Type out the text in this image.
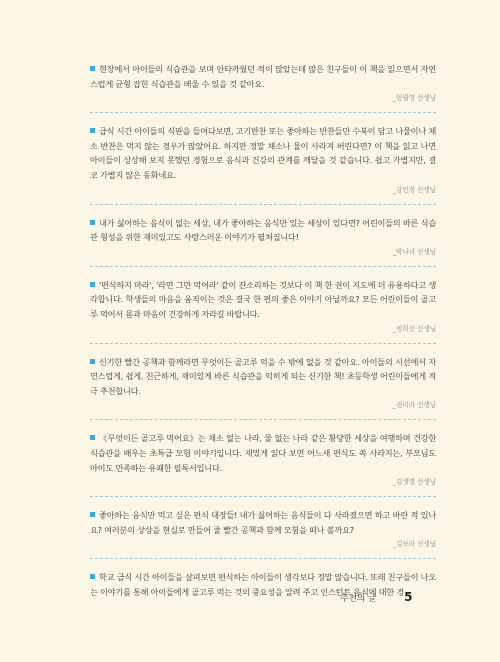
현장에서 아이들의 식습관을 보며 안타까웠던 적이 많았는데 많은 친구들이 이 책을 읽으면서 자연스럽게 균형 잡힌 식습관을 배울 수 있을 것 같아요.

_엄월영 선생님

급식 시간 아이들의 식판을 들여다보면, 고기반찬 또는 좋아하는 반찬들만 수북이 담고 나물이나 채소 반찬은 먹지 않는 경우가 많았어요. 하지만 정말 채소나 물이 사라져 버린다면? 이 책을 읽고 나면 아이들이 상상해 보지 못했던 경험으로 음식과 건강의 관계를 깨달을 것 같습니다. 쉽고 가볍지만, 결코 가볍지 않은 동화네요.

_강민정 선생님

내가 싫어하는 음식이 없는 세상, 내가 좋아하는 음식만 있는 세상이 있다면? 어린이들의 바른 식습관 형성을 위한 재미있고도 사랑스러운 이야기가 펼쳐집니다!

_박나리 선생님

'편식하지 마라', '라면 그만 먹어라' 같이 잔소리하는 것보다 이 책 한 권이 지도에 더 유용하다고 생각합니다. 학생들의 마음을 움직이는 것은 결국 한 편의 좋은 이야기 아닐까요? 모든 어린이들이 골고루 먹어서 몸과 마음이 건강하게 자라길 바랍니다.

_정희선 선생님

신기한 빨간 공책과 함께라면 무엇이든 골고루 먹을 수 밖에 없을 것 같아요. 아이들의 시선에서 자연스럽게, 쉽게, 친근하게, 재미있게 바른 식습관을 익히게 되는 신기한 책! 초등학생 어린이들에게 적극 추천합니다.

_권리라 선생님

《무엇이든 골고루 먹어요》는 채소 없는 나라, 물 없는 나라 같은 황당한 세상을 여행하며 건강한 식습관을 배우는 초특급 모험 이야기입니다. 재밌게 읽다 보면 어느새 편식도 쏙 사라지는, 부모님도 아이도 만족하는 유쾌한 필독서입니다.

_김샛별 선생님

좋아하는 음식만 먹고 싶은 편식 대장들! 내가 싫어하는 음식들이 다 사라졌으면 하고 바란 적 있나요? 여러분의 상상을 현실로 만들어 줄 빨간 공책과 함께 모험을 떠나 볼까요?

_김보라 선생님

학교 급식 시간 아이들을 살펴보면 편식하는 아이들이 생각보다 정말 많습니다. 또래 친구들이 나오는 이야기를 통해 아이들에게 골고루 먹는 것의 중요성을 알려 주고 인스턴트 음식에 대한 경

추천의 글 5
